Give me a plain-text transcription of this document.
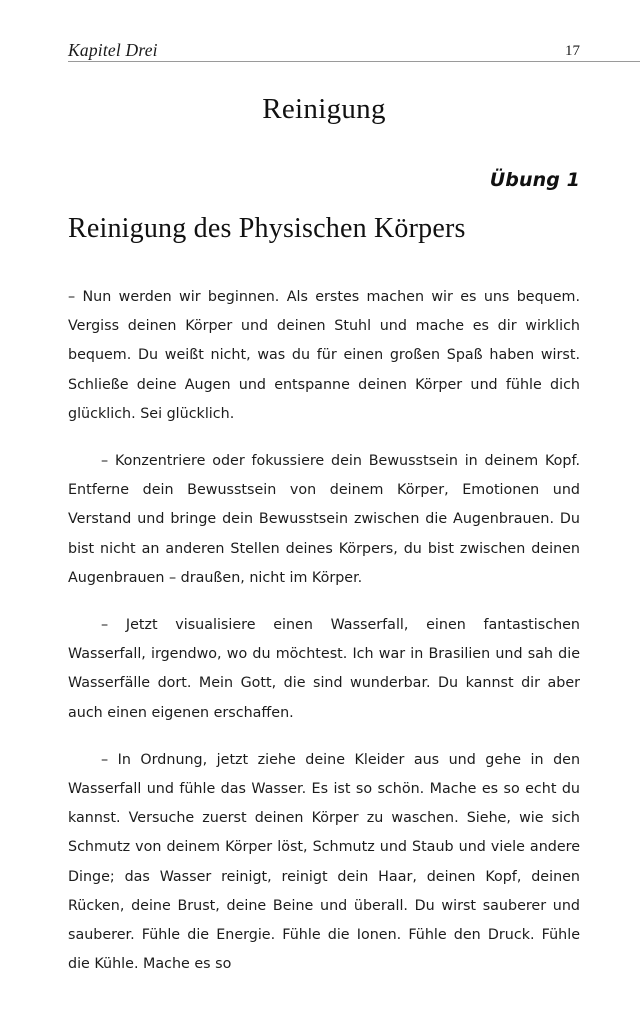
Kapitel Drei	17
Reinigung
Übung 1
Reinigung des Physischen Körpers

– Nun werden wir beginnen. Als erstes machen wir es uns bequem. Vergiss deinen Körper und deinen Stuhl und mache es dir wirklich bequem. Du weißt nicht, was du für einen großen Spaß haben wirst. Schließe deine Augen und entspanne deinen Körper und fühle dich glücklich. Sei glücklich.

– Konzentriere oder fokussiere dein Bewusstsein in deinem Kopf. Entferne dein Bewusstsein von deinem Körper, Emotionen und Verstand und bringe dein Bewusstsein zwischen die Augenbrauen. Du bist nicht an anderen Stellen deines Körpers, du bist zwischen deinen Augenbrauen – draußen, nicht im Körper.

– Jetzt visualisiere einen Wasserfall, einen fantastischen Wasserfall, irgendwo, wo du möchtest. Ich war in Brasilien und sah die Wasserfälle dort. Mein Gott, die sind wunderbar. Du kannst dir aber auch einen eigenen erschaffen.

– In Ordnung, jetzt ziehe deine Kleider aus und gehe in den Wasserfall und fühle das Wasser. Es ist so schön. Mache es so echt du kannst. Versuche zuerst deinen Körper zu waschen. Siehe, wie sich Schmutz von deinem Körper löst, Schmutz und Staub und viele andere Dinge; das Wasser reinigt, reinigt dein Haar, deinen Kopf, deinen Rücken, deine Brust, deine Beine und überall. Du wirst sauberer und sauberer. Fühle die Energie. Fühle die Ionen. Fühle den Druck. Fühle die Kühle. Mache es so
